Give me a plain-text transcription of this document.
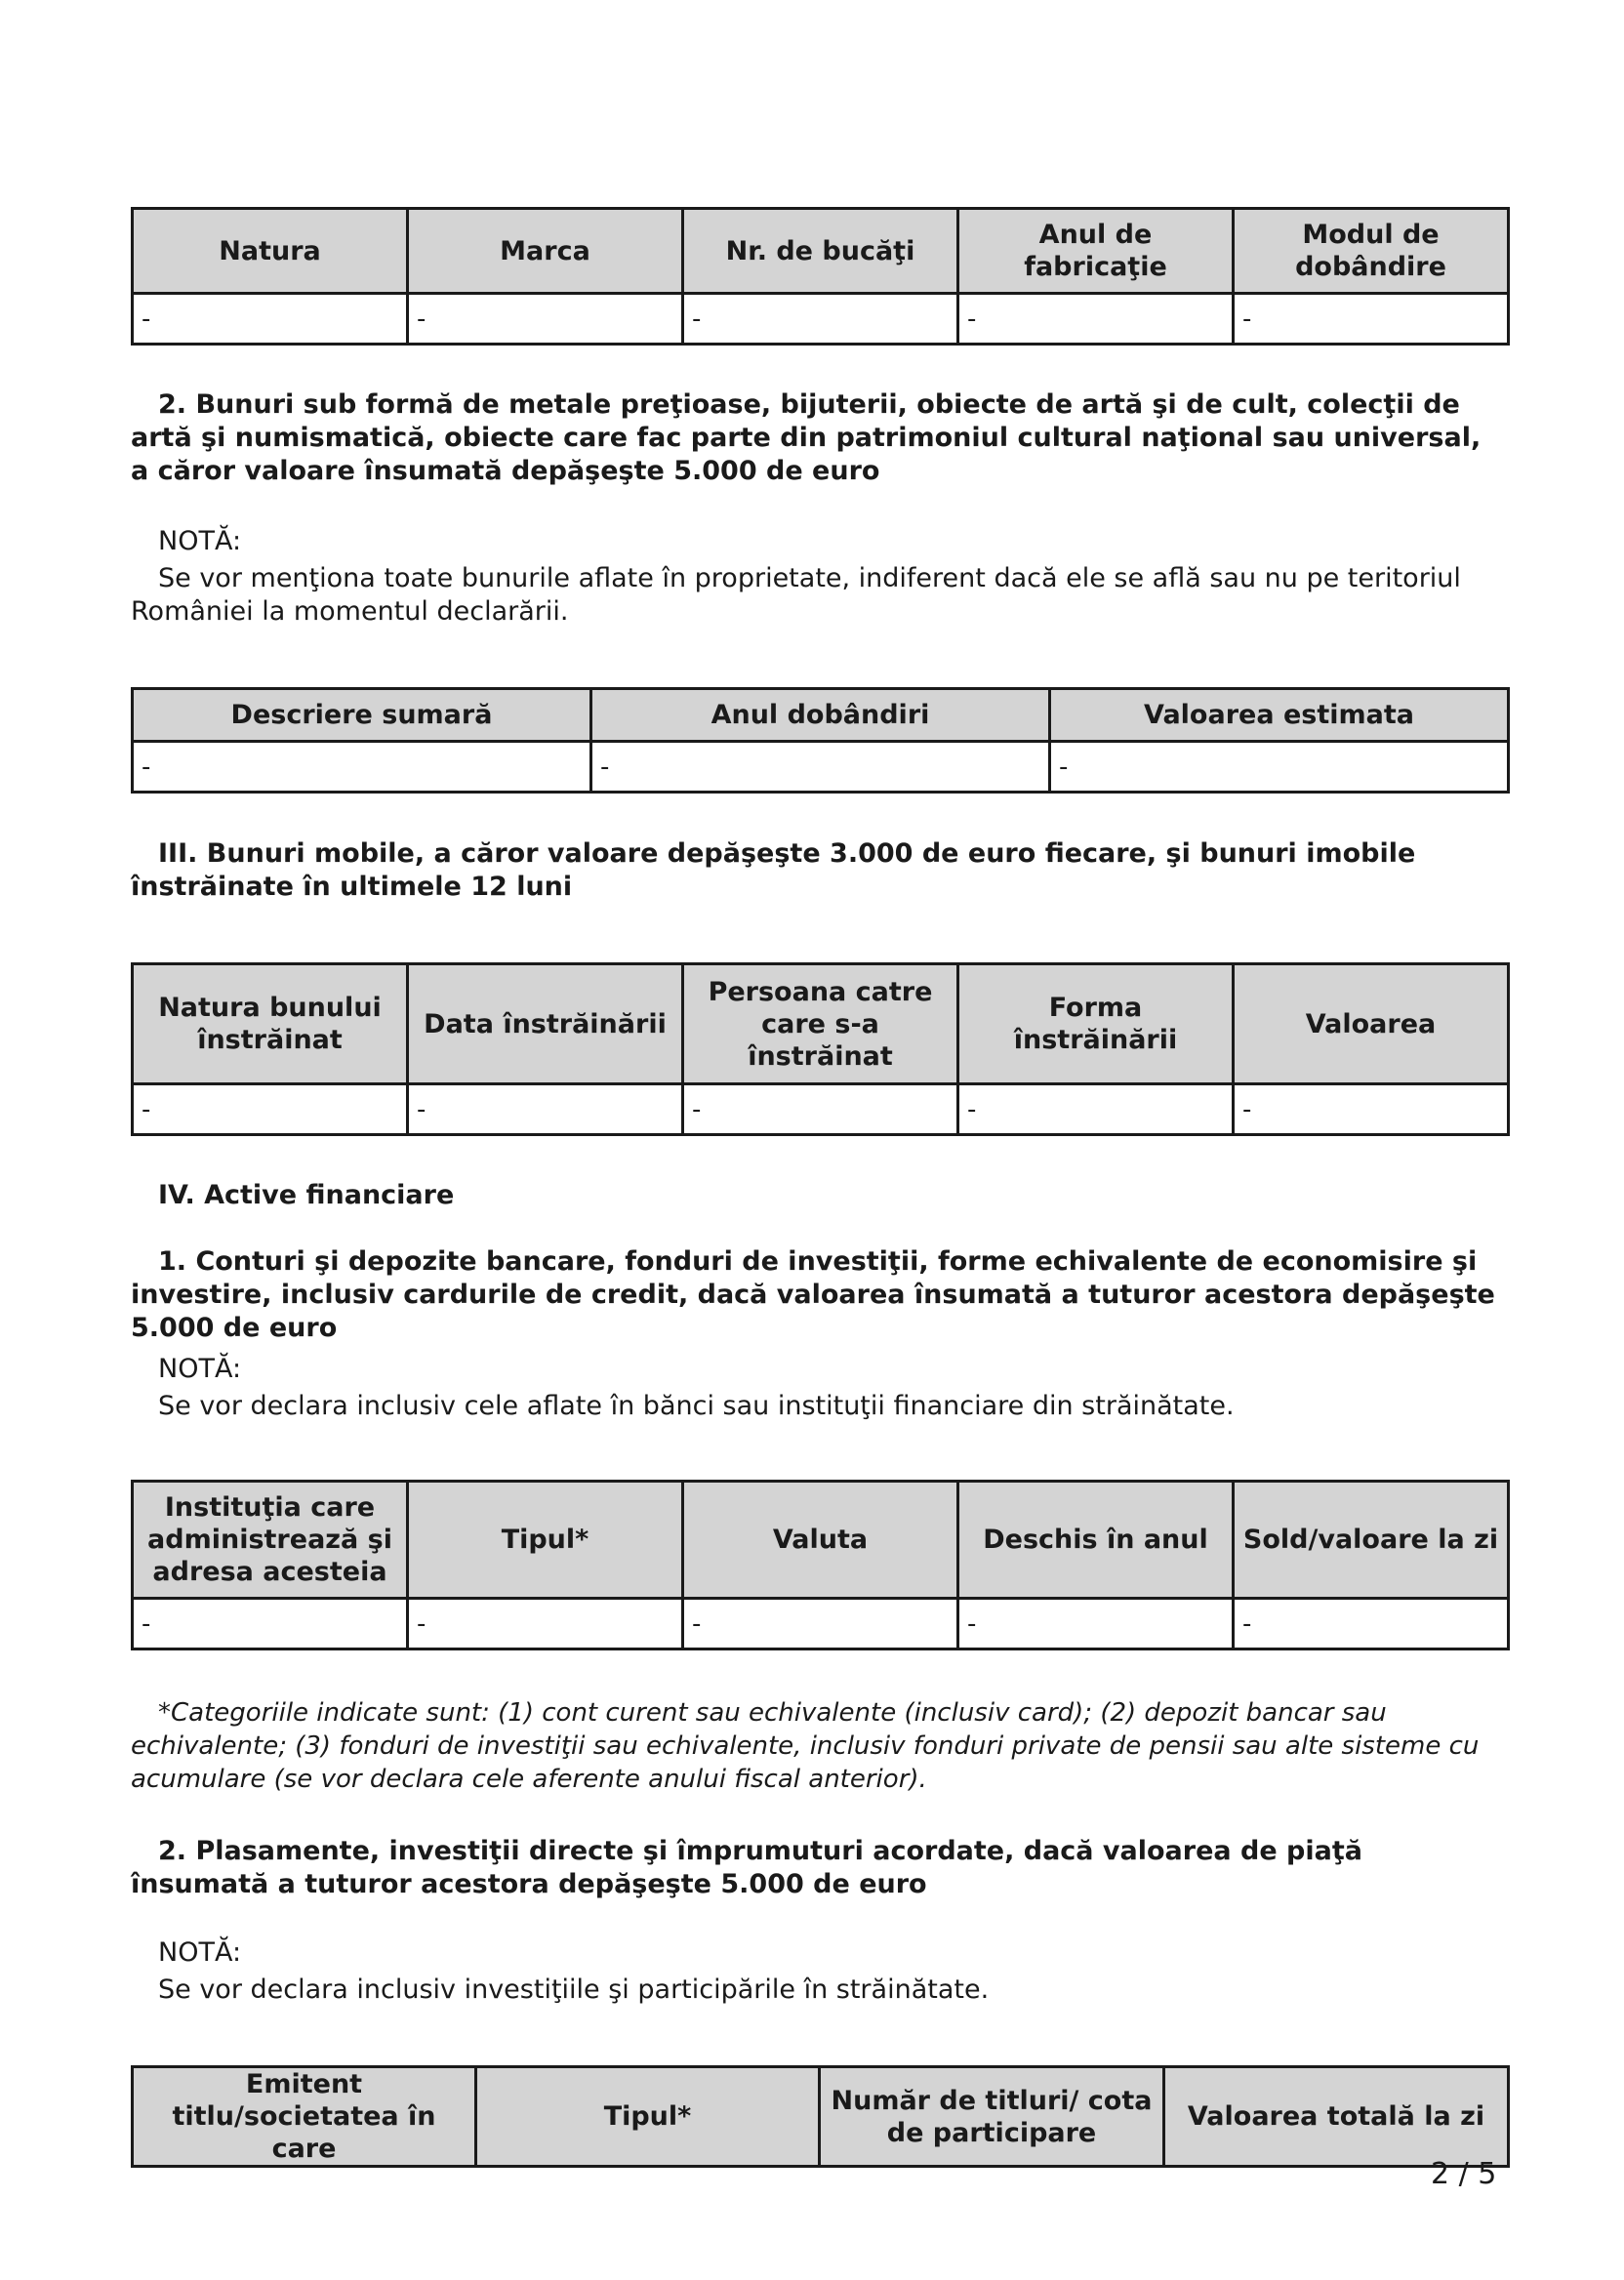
Natura	Marca	Nr. de bucăţi	Anul de fabricaţie	Modul de dobândire
-	-	-	-	-

2. Bunuri sub formă de metale preţioase, bijuterii, obiecte de artă şi de cult, colecţii de artă şi numismatică, obiecte care fac parte din patrimoniul cultural naţional sau universal, a căror valoare însumată depăşeşte 5.000 de euro

NOTĂ:

Se vor menţiona toate bunurile aflate în proprietate, indiferent dacă ele se află sau nu pe teritoriul României la momentul declarării.

Descriere sumară	Anul dobândiri	Valoarea estimata
-	-	-

III. Bunuri mobile, a căror valoare depăşeşte 3.000 de euro fiecare, şi bunuri imobile înstrăinate în ultimele 12 luni

Natura bunului înstrăinat	Data înstrăinării	Persoana catre care s-a înstrăinat	Forma înstrăinării	Valoarea
-	-	-	-	-

IV. Active financiare

1. Conturi şi depozite bancare, fonduri de investiţii, forme echivalente de economisire şi investire, inclusiv cardurile de credit, dacă valoarea însumată a tuturor acestora depăşeşte 5.000 de euro

NOTĂ:

Se vor declara inclusiv cele aflate în bănci sau instituţii financiare din străinătate.

Instituţia care administrează şi adresa acesteia	Tipul*	Valuta	Deschis în anul	Sold/valoare la zi
-	-	-	-	-

*Categoriile indicate sunt: (1) cont curent sau echivalente (inclusiv card); (2) depozit bancar sau echivalente; (3) fonduri de investiţii sau echivalente, inclusiv fonduri private de pensii sau alte sisteme cu acumulare (se vor declara cele aferente anului fiscal anterior).

2. Plasamente, investiţii directe şi împrumuturi acordate, dacă valoarea de piaţă însumată a tuturor acestora depăşeşte 5.000 de euro

NOTĂ:

Se vor declara inclusiv investiţiile şi participările în străinătate.

Emitent titlu/societatea în care	Tipul*	Număr de titluri/ cota de participare	Valoarea totală la zi

2 / 5
